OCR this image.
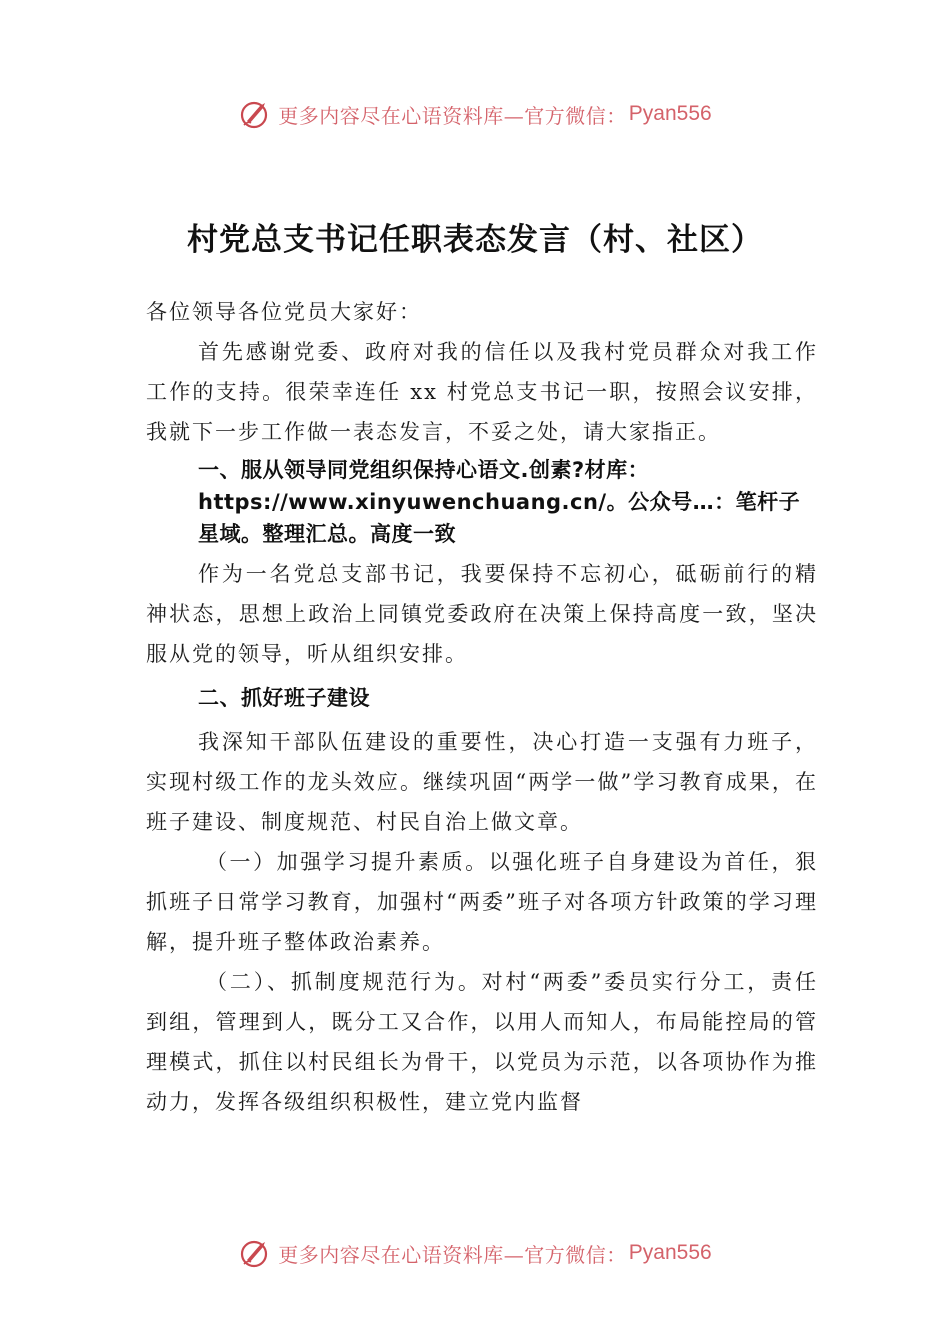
更多内容尽在心语资料库—官方微信： Pyan556
村党总支书记任职表态发言（村、社区）

各位领导各位党员大家好：

首先感谢党委、政府对我的信任以及我村党员群众对我工作工作的支持。很荣幸连任 xx 村党总支书记一职，按照会议安排，我就下一步工作做一表态发言，不妥之处，请大家指正。

一、服从领导同党组织保持心语文.创素?材库：https://www.xinyuwenchuang.cn/。公众号…：笔杆子星域。整理汇总。高度一致

作为一名党总支部书记，我要保持不忘初心，砥砺前行的精神状态，思想上政治上同镇党委政府在决策上保持高度一致，坚决服从党的领导，听从组织安排。

二、抓好班子建设

我深知干部队伍建设的重要性，决心打造一支强有力班子，实现村级工作的龙头效应。继续巩固“两学一做”学习教育成果，在班子建设、制度规范、村民自治上做文章。

（一）加强学习提升素质。以强化班子自身建设为首任，狠抓班子日常学习教育，加强村“两委”班子对各项方针政策的学习理解，提升班子整体政治素养。

（二）、抓制度规范行为。对村“两委”委员实行分工，责任到组，管理到人，既分工又合作，以用人而知人，布局能控局的管理模式，抓住以村民组长为骨干，以党员为示范，以各项协作为推动力，发挥各级组织积极性，建立党内监督

更多内容尽在心语资料库—官方微信： Pyan556
